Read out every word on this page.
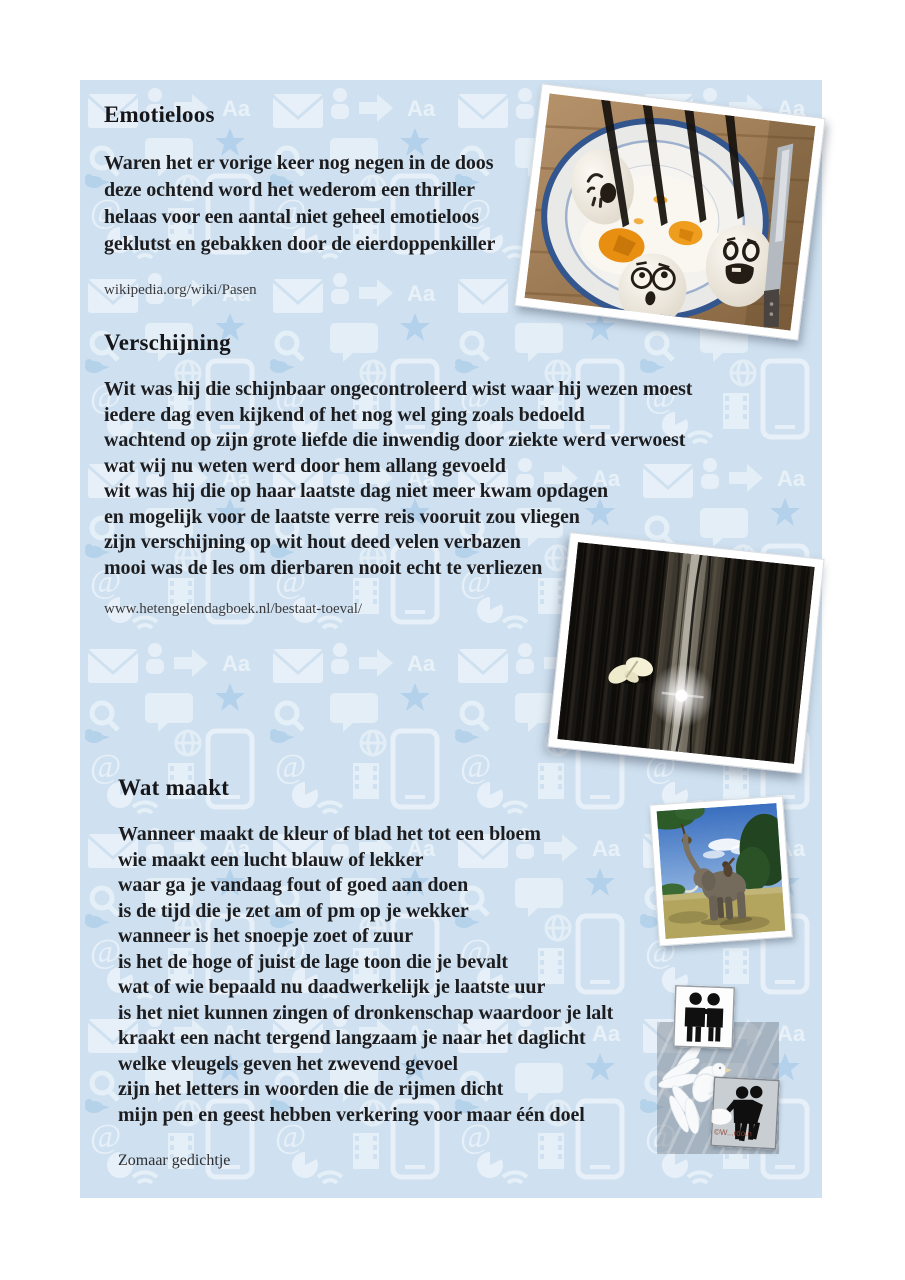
Emotieloos
Waren het er vorige keer nog negen in de doos
deze ochtend word het wederom een thriller
helaas voor een aantal niet geheel emotieloos
geklutst en gebakken door de eierdoppenkiller
wikipedia.org/wiki/Pasen
Verschijning
Wit was hij die schijnbaar ongecontroleerd wist waar hij wezen moest
iedere dag even kijkend of het nog wel ging zoals bedoeld
wachtend op zijn grote liefde die inwendig door ziekte werd verwoest
wat wij nu weten werd door hem allang gevoeld
wit was hij die op haar laatste dag niet meer kwam opdagen
en mogelijk voor de laatste verre reis vooruit zou vliegen
zijn verschijning op wit hout deed velen verbazen
mooi was de les om dierbaren nooit echt te verliezen
www.hetengelendagboek.nl/bestaat-toeval/
Wat maakt
Wanneer maakt de kleur of blad het tot een bloem
wie maakt een lucht blauw of lekker
waar ga je vandaag fout of goed aan doen
is de tijd die je zet am of pm op je wekker
wanneer is het snoepje zoet of zuur
is het de hoge of juist de lage toon die je bevalt
wat of wie bepaald nu daadwerkelijk je laatste uur
is het niet kunnen zingen of dronkenschap waardoor je lalt
kraakt een nacht tergend langzaam je naar het daglicht
welke vleugels geven het zwevend gevoel
zijn het letters in woorden die de rijmen dicht
mijn pen en geest hebben verkering voor maar één doel
Zomaar gedichtje
©W...rdo.n
